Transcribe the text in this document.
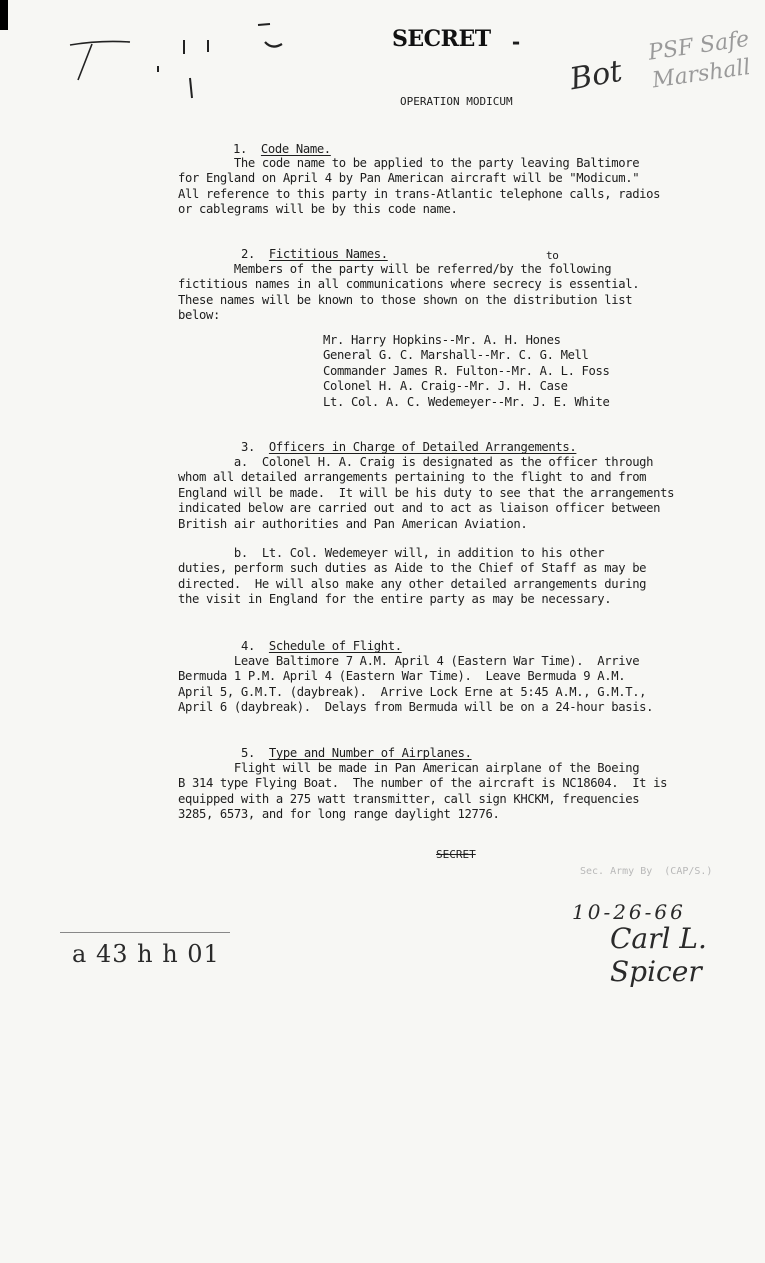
SECRET -
OPERATION MODICUM
Bot
PSF Safe Marshall

1. Code Name.

The code name to be applied to the party leaving Baltimore
for England on April 4 by Pan American aircraft will be "Modicum."
All reference to this party in trans-Atlantic telephone calls, radios
or cablegrams will be by this code name.

2. Fictitious Names.
	to
Members of the party will be referred/by the following
fictitious names in all communications where secrecy is essential.
These names will be known to those shown on the distribution list
below:
Mr. Harry Hopkins--Mr. A. H. Hones
General G. C. Marshall--Mr. C. G. Mell
Commander James R. Fulton--Mr. A. L. Foss
Colonel H. A. Craig--Mr. J. H. Case
Lt. Col. A. C. Wedemeyer--Mr. J. E. White

3. Officers in Charge of Detailed Arrangements.

a.  Colonel H. A. Craig is designated as the officer through
whom all detailed arrangements pertaining to the flight to and from
England will be made.  It will be his duty to see that the arrangements
indicated below are carried out and to act as liaison officer between
British air authorities and Pan American Aviation.
b.  Lt. Col. Wedemeyer will, in addition to his other
duties, perform such duties as Aide to the Chief of Staff as may be
directed.  He will also make any other detailed arrangements during
the visit in England for the entire party as may be necessary.

4. Schedule of Flight.

Leave Baltimore 7 A.M. April 4 (Eastern War Time).  Arrive
Bermuda 1 P.M. April 4 (Eastern War Time).  Leave Bermuda 9 A.M.
April 5, G.M.T. (daybreak).  Arrive Lock Erne at 5:45 A.M., G.M.T.,
April 6 (daybreak).  Delays from Bermuda will be on a 24-hour basis.

5. Type and Number of Airplanes.

Flight will be made in Pan American airplane of the Boeing
B 314 type Flying Boat.  The number of the aircraft is NC18604.  It is
equipped with a 275 watt transmitter, call sign KHCKM, frequencies
3285, 6573, and for long range daylight 12776.
SECRET
Sec. Army By  (CAP/S.)
10-26-66
Carl L. Spicer
a 43 h h 01
